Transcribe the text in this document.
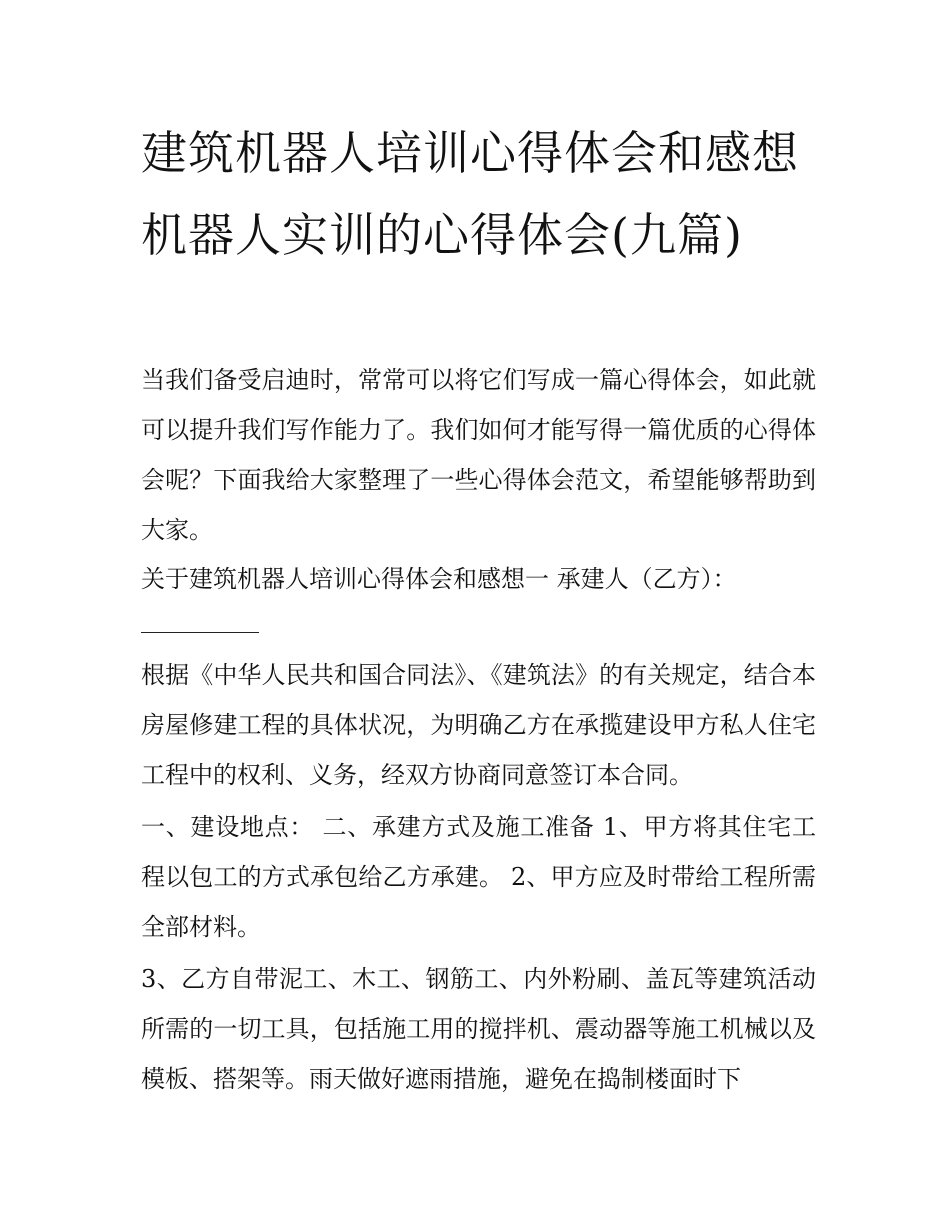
建筑机器人培训心得体会和感想 机器人实训的心得体会(九篇)

当我们备受启迪时，常常可以将它们写成一篇心得体会，如此就可以提升我们写作能力了。我们如何才能写得一篇优质的心得体会呢？下面我给大家整理了一些心得体会范文，希望能够帮助到大家。

关于建筑机器人培训心得体会和感想一 承建人（乙方）：

根据《中华人民共和国合同法》、《建筑法》的有关规定，结合本房屋修建工程的具体状况，为明确乙方在承揽建设甲方私人住宅工程中的权利、义务，经双方协商同意签订本合同。

一、建设地点： 二、承建方式及施工准备 1、甲方将其住宅工程以包工的方式承包给乙方承建。 2、甲方应及时带给工程所需全部材料。

3、乙方自带泥工、木工、钢筋工、内外粉刷、盖瓦等建筑活动所需的一切工具，包括施工用的搅拌机、震动器等施工机械以及模板、搭架等。雨天做好遮雨措施，避免在捣制楼面时下
